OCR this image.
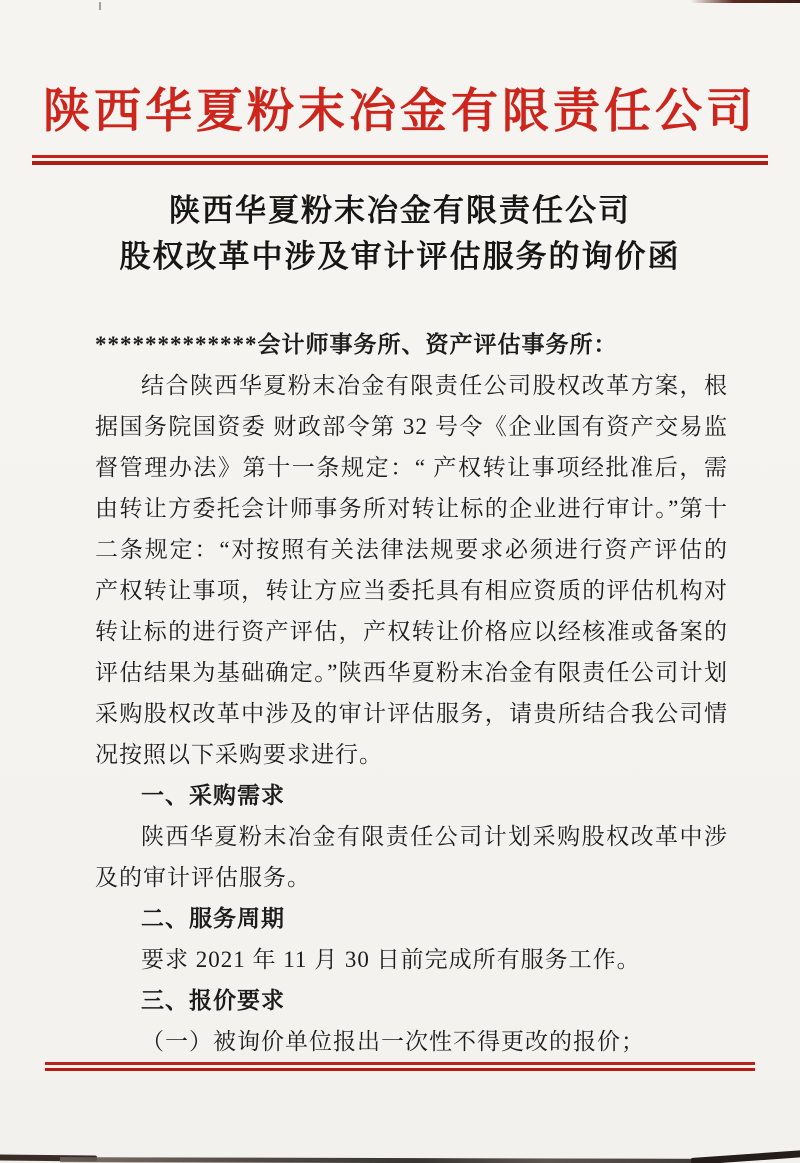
陕西华夏粉末冶金有限责任公司
陕西华夏粉末冶金有限责任公司
股权改革中涉及审计评估服务的询价函
*************会计师事务所、资产评估事务所：

结合陕西华夏粉末冶金有限责任公司股权改革方案，根据国务院国资委 财政部令第 32 号令《企业国有资产交易监督管理办法》第十一条规定：“ 产权转让事项经批准后，需由转让方委托会计师事务所对转让标的企业进行审计。”第十二条规定：“对按照有关法律法规要求必须进行资产评估的产权转让事项，转让方应当委托具有相应资质的评估机构对转让标的进行资产评估，产权转让价格应以经核准或备案的评估结果为基础确定。”陕西华夏粉末冶金有限责任公司计划采购股权改革中涉及的审计评估服务，请贵所结合我公司情况按照以下采购要求进行。

一、采购需求

陕西华夏粉末冶金有限责任公司计划采购股权改革中涉及的审计评估服务。

二、服务周期

要求 2021 年 11 月 30 日前完成所有服务工作。

三、报价要求

（一）被询价单位报出一次性不得更改的报价；
